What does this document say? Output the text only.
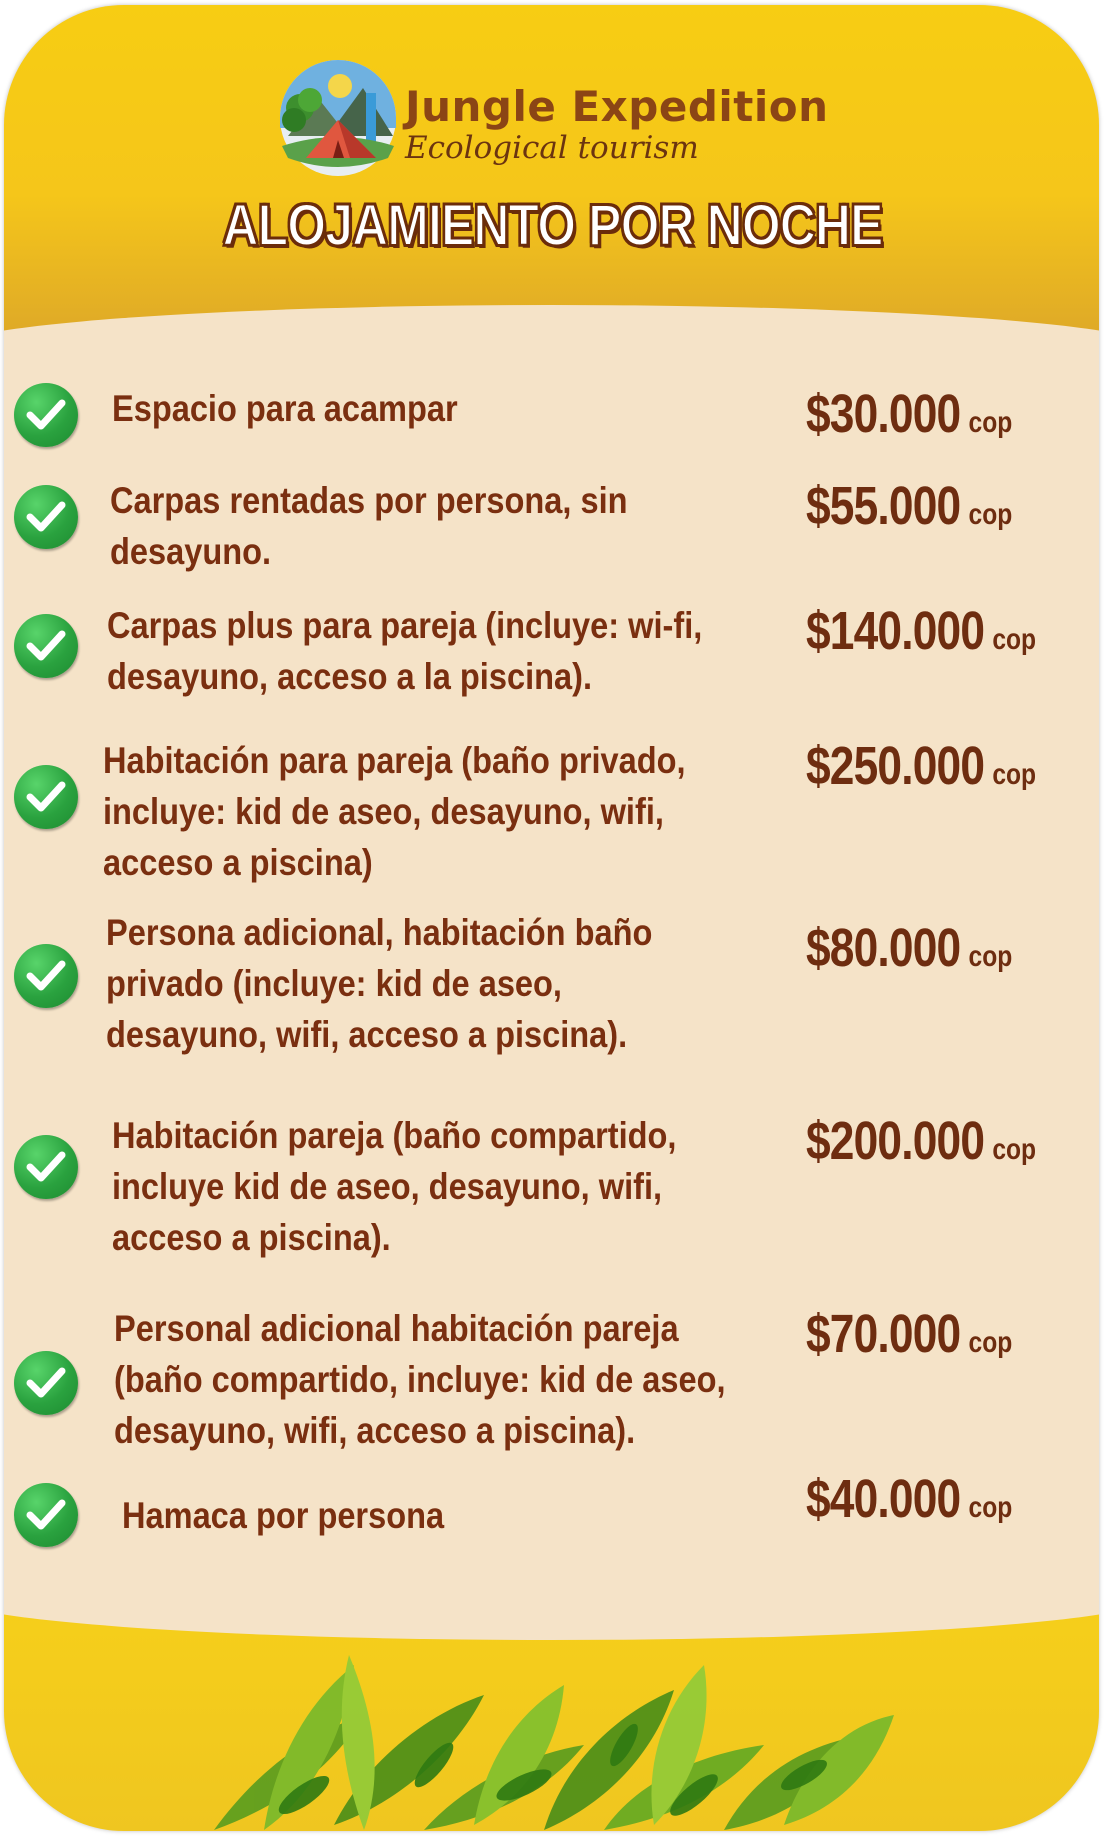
Jungle Expedition
Ecological tourism
ALOJAMIENTO POR NOCHE
Espacio para acampar	$30.000 cop
Carpas rentadas por persona, sin
desayuno.
$55.000 cop
Carpas plus para pareja (incluye: wi-fi,
desayuno, acceso a la piscina).
$140.000 cop
Habitación para pareja (baño privado,
incluye: kid de aseo, desayuno, wifi,
acceso a piscina)
$250.000 cop
Persona adicional, habitación baño
privado (incluye: kid de aseo,
desayuno, wifi, acceso a piscina).
$80.000 cop
Habitación pareja (baño compartido,
incluye kid de aseo, desayuno, wifi,
acceso a piscina).
$200.000 cop
Personal adicional habitación pareja
(baño compartido, incluye: kid de aseo,
desayuno, wifi, acceso a piscina).
$70.000 cop
Hamaca por persona	$40.000 cop
